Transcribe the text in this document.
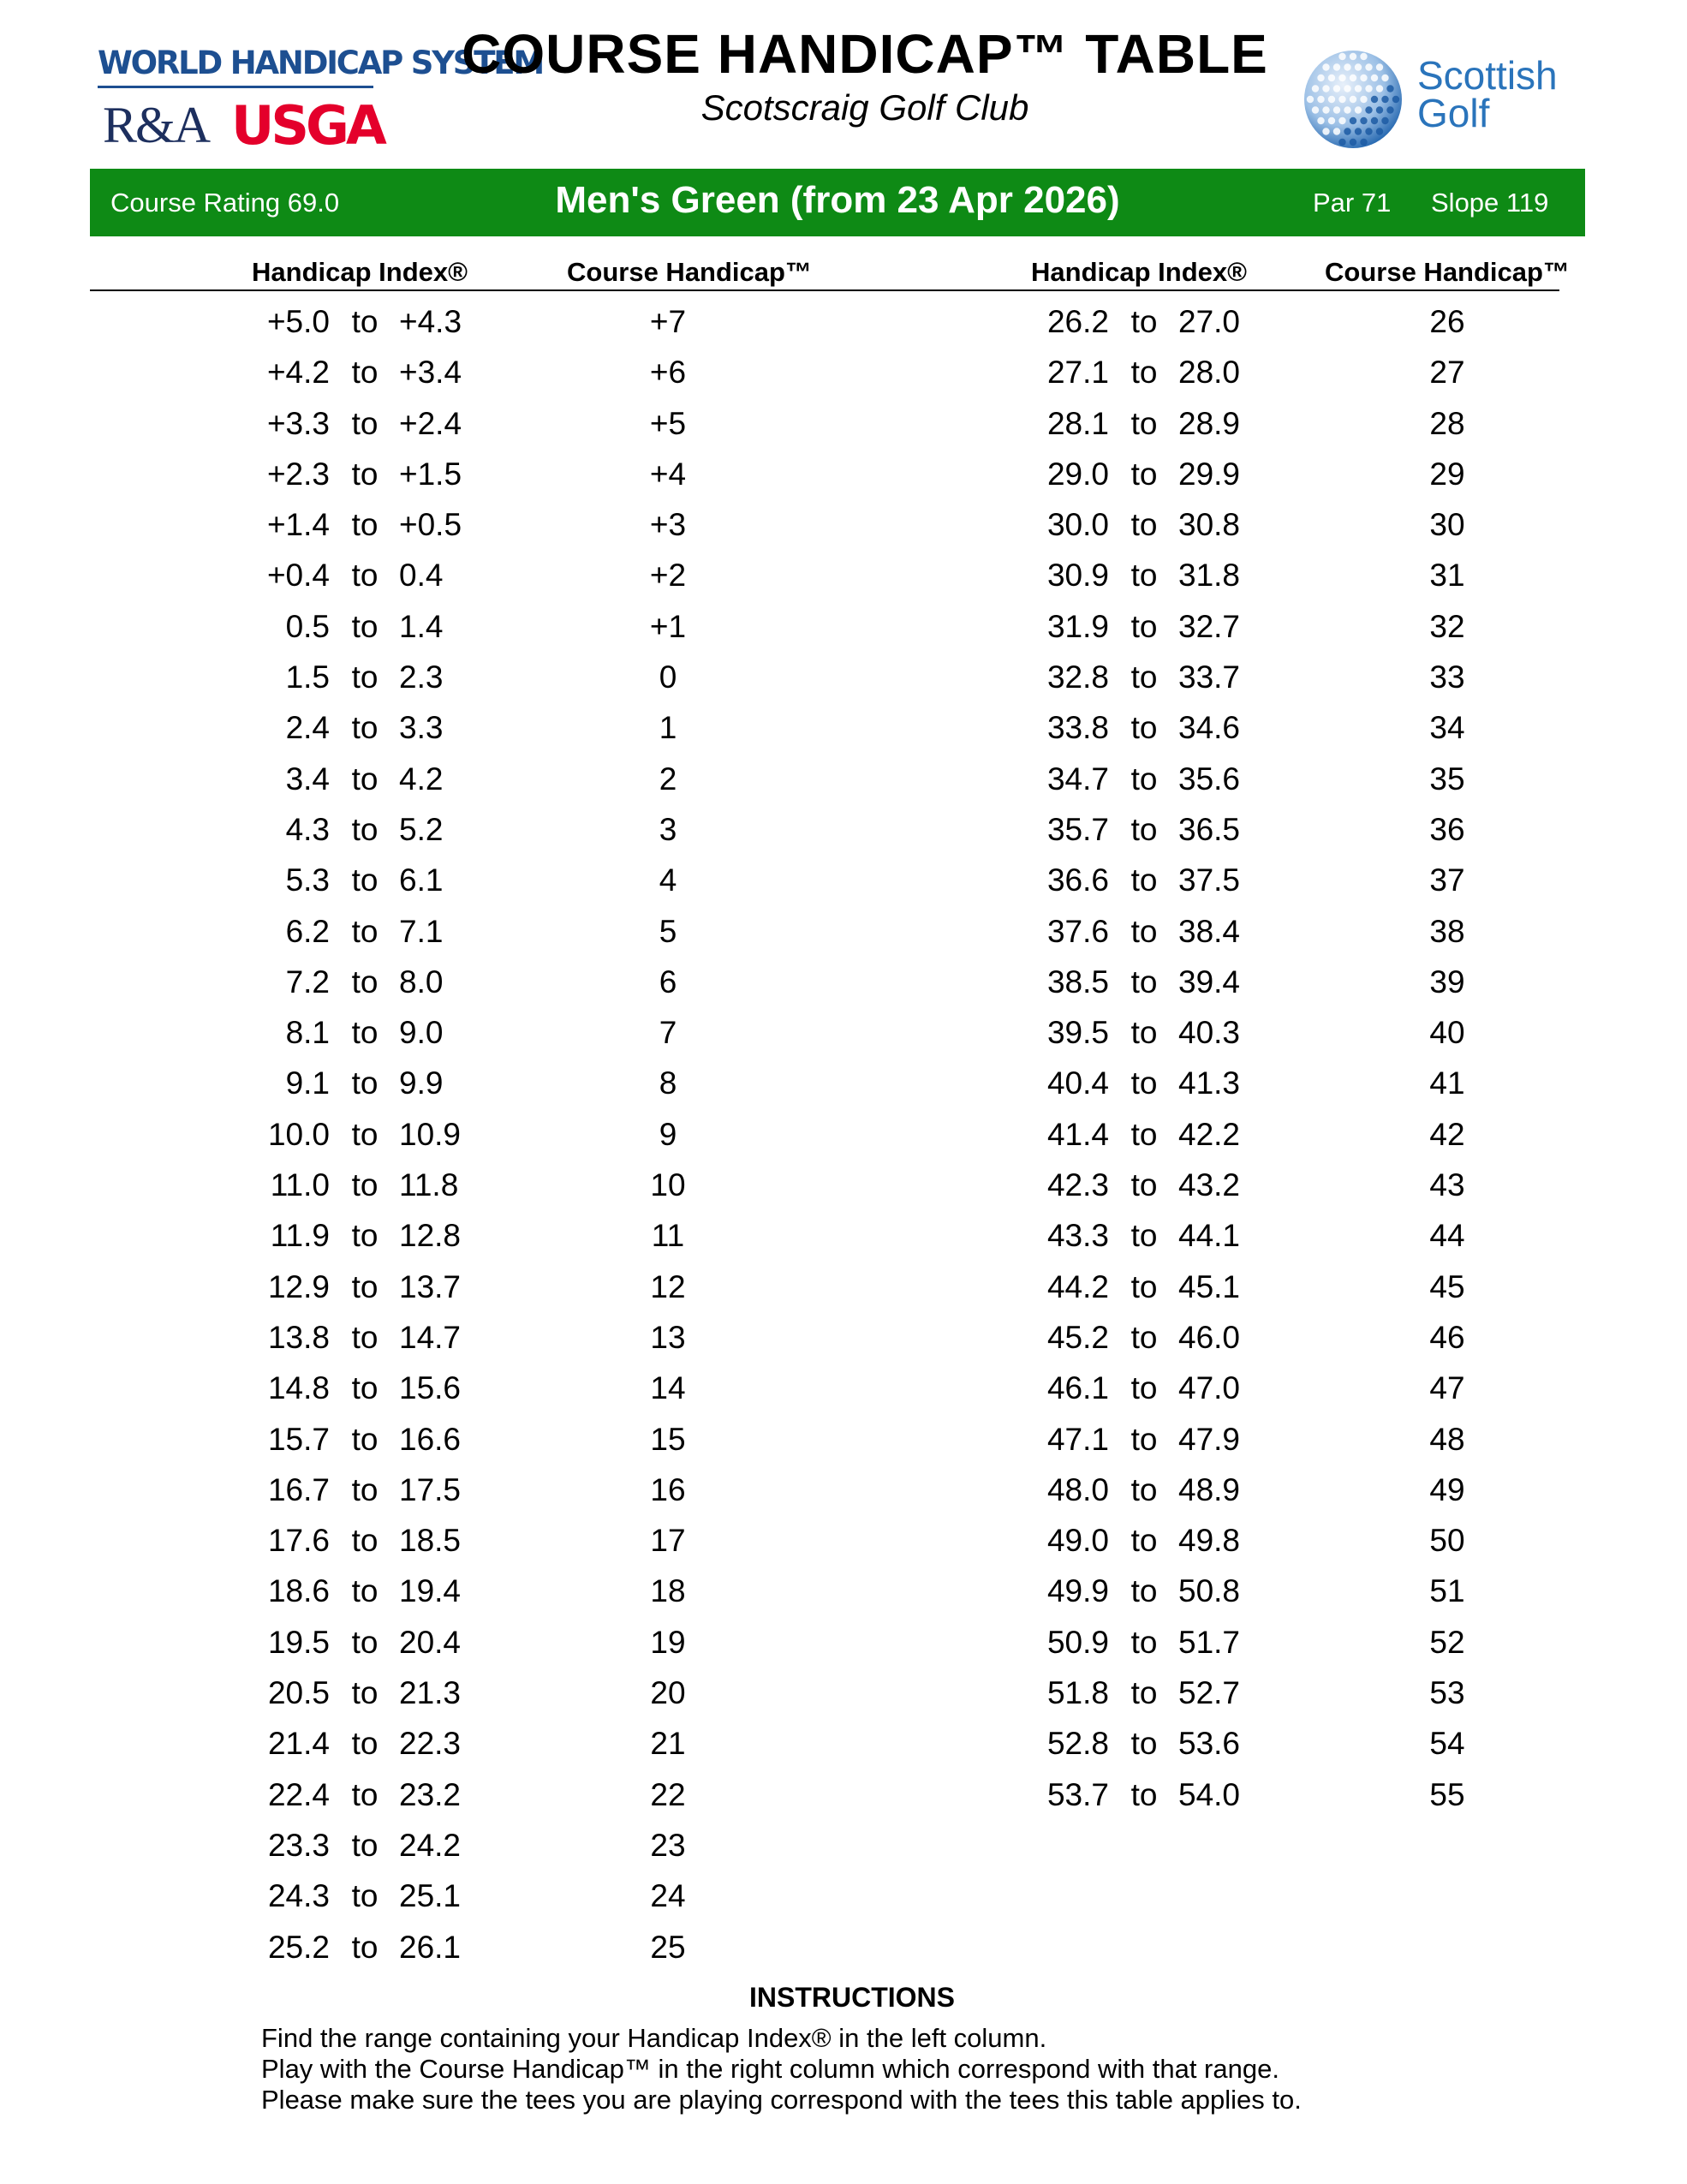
WORLD HANDICAP SYSTEM
R&A USGA
COURSE HANDICAP™ TABLE
Scotscraig Golf Club
Scottish
Golf
Course Rating 69.0	Men's Green (from 23 Apr 2026)	Par 71 Slope 119
Handicap Index®	Course Handicap™	Handicap Index®	Course Handicap™
+5.0 to +4.3	+7	26.2 to 27.0	26
+4.2 to +3.4	+6	27.1 to 28.0	27
+3.3 to +2.4	+5	28.1 to 28.9	28
+2.3 to +1.5	+4	29.0 to 29.9	29
+1.4 to +0.5	+3	30.0 to 30.8	30
+0.4 to 0.4	+2	30.9 to 31.8	31
0.5 to 1.4	+1	31.9 to 32.7	32
1.5 to 2.3	0	32.8 to 33.7	33
2.4 to 3.3	1	33.8 to 34.6	34
3.4 to 4.2	2	34.7 to 35.6	35
4.3 to 5.2	3	35.7 to 36.5	36
5.3 to 6.1	4	36.6 to 37.5	37
6.2 to 7.1	5	37.6 to 38.4	38
7.2 to 8.0	6	38.5 to 39.4	39
8.1 to 9.0	7	39.5 to 40.3	40
9.1 to 9.9	8	40.4 to 41.3	41
10.0 to 10.9	9	41.4 to 42.2	42
11.0 to 11.8	10	42.3 to 43.2	43
11.9 to 12.8	11	43.3 to 44.1	44
12.9 to 13.7	12	44.2 to 45.1	45
13.8 to 14.7	13	45.2 to 46.0	46
14.8 to 15.6	14	46.1 to 47.0	47
15.7 to 16.6	15	47.1 to 47.9	48
16.7 to 17.5	16	48.0 to 48.9	49
17.6 to 18.5	17	49.0 to 49.8	50
18.6 to 19.4	18	49.9 to 50.8	51
19.5 to 20.4	19	50.9 to 51.7	52
20.5 to 21.3	20	51.8 to 52.7	53
21.4 to 22.3	21	52.8 to 53.6	54
22.4 to 23.2	22	53.7 to 54.0	55
23.3 to 24.2	23
24.3 to 25.1	24
25.2 to 26.1	25
INSTRUCTIONS
Find the range containing your Handicap Index® in the left column.
Play with the Course Handicap™ in the right column which correspond with that range.
Please make sure the tees you are playing correspond with the tees this table applies to.
